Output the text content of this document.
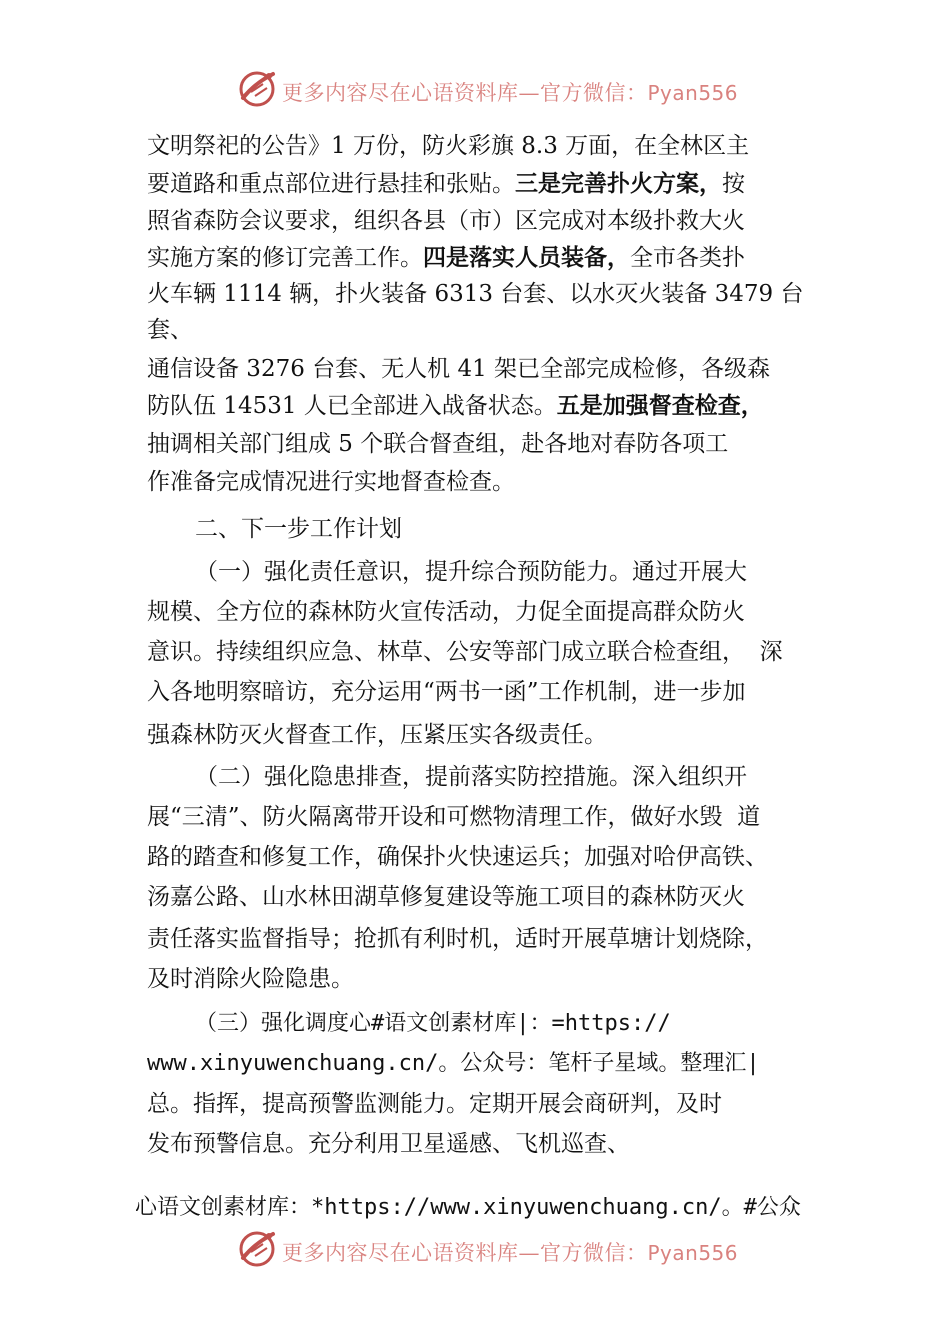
更多内容尽在心语资料库—官方微信：Pyan556
文明祭祀的公告》1 万份，防火彩旗 8.3 万面，在全林区主
要道路和重点部位进行悬挂和张贴。三是完善扑火方案，按
照省森防会议要求，组织各县（市）区完成对本级扑救大火
实施方案的修订完善工作。四是落实人员装备，全市各类扑
火车辆 1114 辆，扑火装备 6313 台套、以水灭火装备 3479 台
套、
通信设备 3276 台套、无人机 41 架已全部完成检修，各级森
防队伍 14531 人已全部进入战备状态。五是加强督查检查，
抽调相关部门组成 5 个联合督查组，赴各地对春防各项工
作准备完成情况进行实地督查检查。
二、下一步工作计划
（一）强化责任意识，提升综合预防能力。通过开展大
规模、全方位的森林防火宣传活动，力促全面提高群众防火
意识。持续组织应急、林草、公安等部门成立联合检查组，  深
入各地明察暗访，充分运用“两书一函”工作机制，进一步加
强森林防灭火督查工作，压紧压实各级责任。
（二）强化隐患排查，提前落实防控措施。深入组织开
展“三清”、防火隔离带开设和可燃物清理工作，做好水毁  道
路的踏查和修复工作，确保扑火快速运兵；加强对哈伊高铁、
汤嘉公路、山水林田湖草修复建设等施工项目的森林防灭火
责任落实监督指导；抢抓有利时机，适时开展草塘计划烧除，
及时消除火险隐患。
（三）强化调度心#语文创素材库|：=https://
www.xinyuwenchuang.cn/。公众号：笔杆子星域。整理汇|
总。指挥，提高预警监测能力。定期开展会商研判，及时
发布预警信息。充分利用卫星遥感、飞机巡查、
心语文创素材库：*https://www.xinyuwenchuang.cn/。#公众
更多内容尽在心语资料库—官方微信：Pyan556
